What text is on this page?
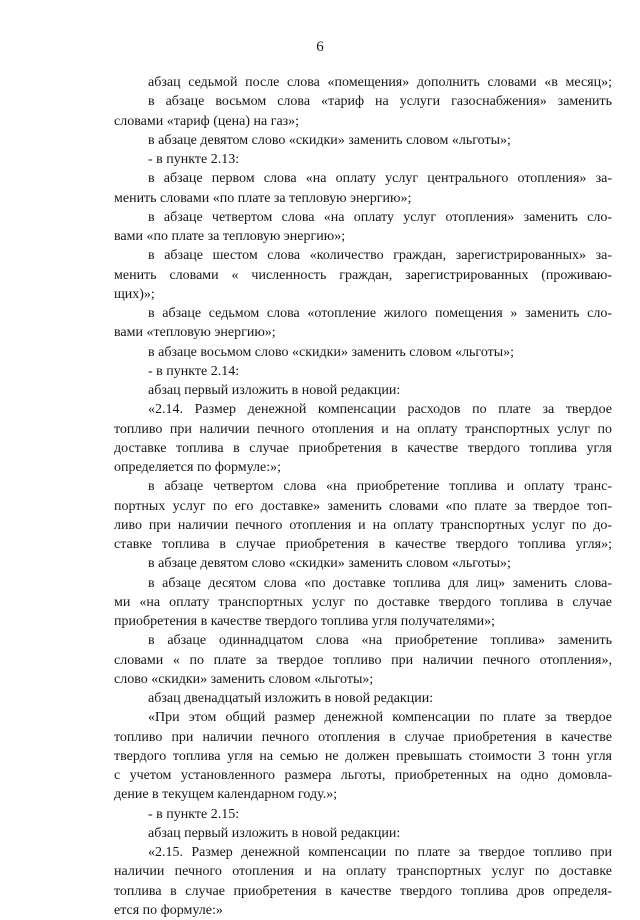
6
абзац седьмой после слова «помещения» дополнить словами «в месяц»;
в абзаце восьмом слова «тариф на услуги газоснабжения» заменить
словами «тариф (цена) на газ»;
в абзаце девятом слово «скидки» заменить словом «льготы»;
- в пункте 2.13:
в абзаце первом слова «на оплату услуг центрального отопления» за-
менить словами «по плате за тепловую энергию»;
в абзаце четвертом слова «на оплату услуг отопления» заменить сло-
вами «по плате за тепловую энергию»;
в абзаце шестом слова «количество граждан, зарегистрированных» за-
менить словами « численность граждан, зарегистрированных (проживаю-
щих)»;
в абзаце седьмом слова «отопление жилого помещения » заменить сло-
вами «тепловую энергию»;
в абзаце восьмом слово «скидки» заменить словом «льготы»;
- в пункте 2.14:
абзац первый изложить в новой редакции:
«2.14. Размер денежной компенсации расходов по плате за твердое
топливо при наличии печного отопления и на оплату транспортных услуг по
доставке топлива в случае приобретения в качестве твердого топлива угля
определяется по формуле:»;
в абзаце четвертом слова «на приобретение топлива и оплату транс-
портных услуг по его доставке» заменить словами «по плате за твердое топ-
ливо при наличии печного отопления и на оплату транспортных услуг по до-
ставке топлива в случае приобретения в качестве твердого топлива угля»;
в абзаце девятом слово «скидки» заменить словом «льготы»;
в абзаце десятом слова «по доставке топлива для лиц» заменить слова-
ми «на оплату транспортных услуг по доставке твердого топлива в случае
приобретения в качестве твердого топлива угля получателями»;
в абзаце одиннадцатом слова «на приобретение топлива» заменить
словами « по плате за твердое топливо при наличии печного отопления»,
слово «скидки» заменить словом «льготы»;
абзац двенадцатый изложить в новой редакции:
«При этом общий размер денежной компенсации по плате за твердое
топливо при наличии печного отопления в случае приобретения в качестве
твердого топлива угля на семью не должен превышать стоимости 3 тонн угля
с учетом установленного размера льготы, приобретенных на одно домовла-
дение в текущем календарном году.»;
- в пункте 2.15:
абзац первый изложить в новой редакции:
«2.15. Размер денежной компенсации по плате за твердое топливо при
наличии печного отопления и на оплату транспортных услуг по доставке
топлива в случае приобретения в качестве твердого топлива дров определя-
ется по формуле:»
